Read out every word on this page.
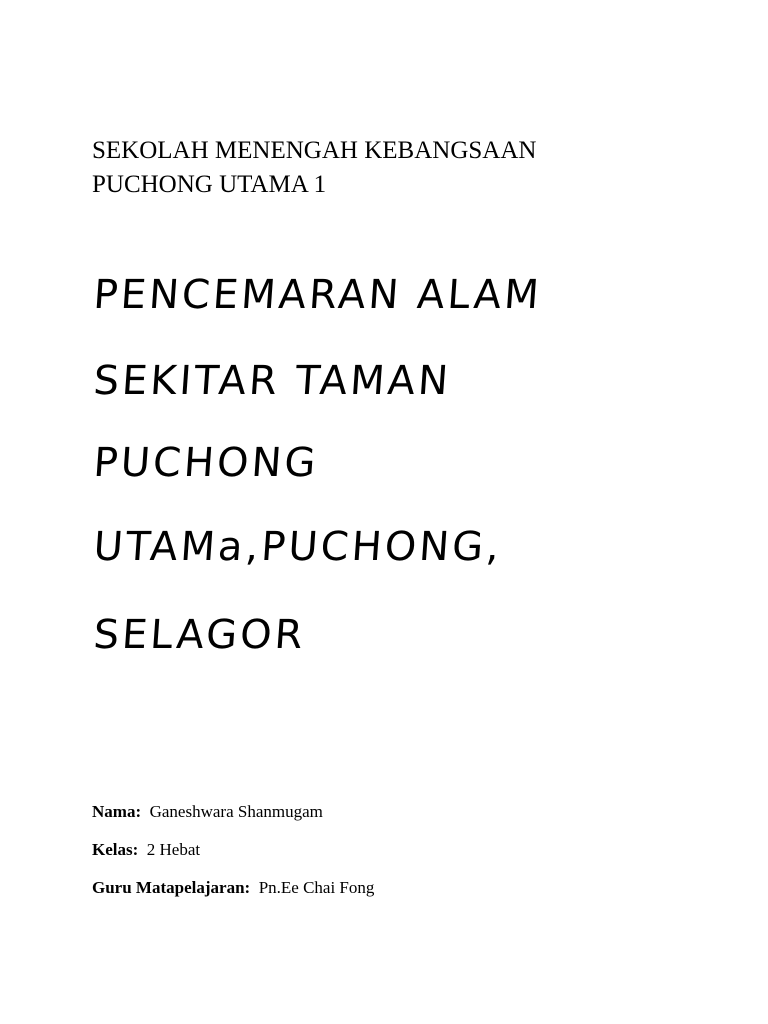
SEKOLAH MENENGAH KEBANGSAAN
PUCHONG UTAMA 1
PENCEMARAN ALAM
SEKITAR TAMAN
PUCHONG
UTAMa,PUCHONG,
SELAGOR
Nama:  Ganeshwara Shanmugam
Kelas:  2 Hebat
Guru Matapelajaran:  Pn.Ee Chai Fong
